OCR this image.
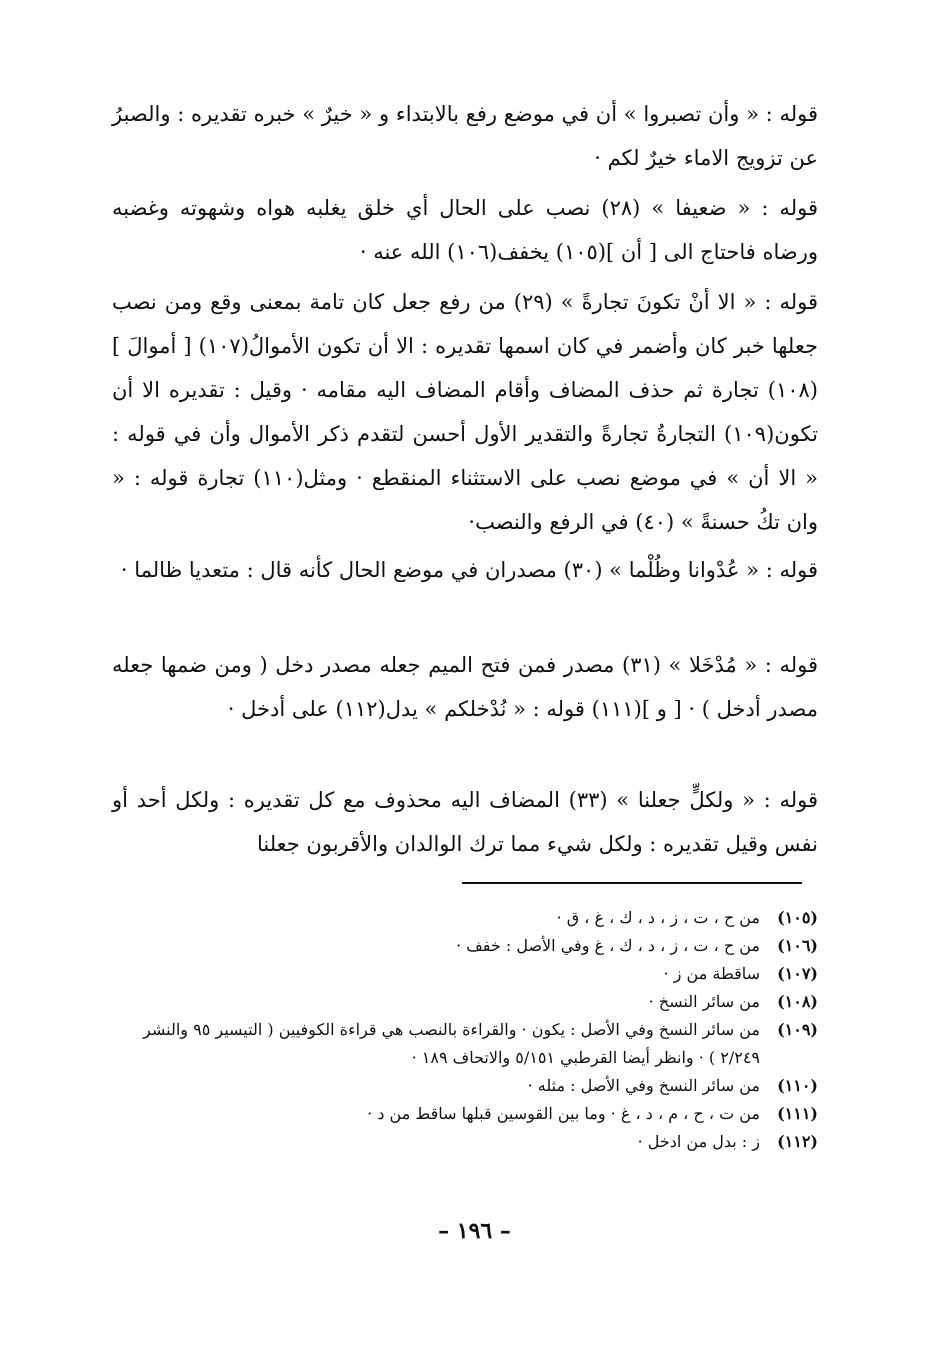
قوله : « وأن تصبروا » أن في موضع رفع بالابتداء و « خيرٌ » خبره تقديره : والصبرُ عن تزويج الاماء خيرٌ لكم ·
قوله : « ضعيفا » (٢٨) نصب على الحال أي خلق يغلبه هواه وشهوته وغضبه ورضاه فاحتاج الى [ أن ](١٠٥) يخفف(١٠٦) الله عنه ·
قوله : « الا أنْ تكونَ تجارةً » (٢٩) من رفع جعل كان تامة بمعنى وقع ومن نصب جعلها خبر كان وأضمر في كان اسمها تقديره : الا أن تكون الأموالُ(١٠٧) [ أموالَ ](١٠٨) تجارة ثم حذف المضاف وأقام المضاف اليه مقامه · وقيل : تقديره الا أن تكون(١٠٩) التجارةُ تجارةً والتقدير الأول أحسن لتقدم ذكر الأموال وأن في قوله : « الا أن » في موضع نصب على الاستثناء المنقطع · ومثل(١١٠) تجارة قوله : « وان تكُ حسنةً » (٤٠) في الرفع والنصب·
قوله : « عُدْوانا وظُلْما » (٣٠) مصدران في موضع الحال كأنه قال : متعديا ظالما ·
قوله : « مُدْخَلا » (٣١) مصدر فمن فتح الميم جعله مصدر دخل ( ومن ضمها جعله مصدر أدخل ) · [ و ](١١١) قوله : « نُدْخلكم » يدل(١١٢) على أدخل ·
قوله : « ولكلٍّ جعلنا » (٣٣) المضاف اليه محذوف مع كل تقديره : ولكل أحد أو نفس وقيل تقديره : ولكل شيء مما ترك الوالدان والأقربون جعلنا
(١٠٥)
من ح ، ت ، ز ، د ، ك ، غ ، ق ·
(١٠٦)
من ح ، ت ، ز ، د ، ك ، غ وفي الأصل : خفف ·
(١٠٧)
ساقطة من ز ·
(١٠٨)
من سائر النسخ ·
(١٠٩)
من سائر النسخ وفي الأصل : يكون · والقراءة بالنصب هي قراءة الكوفيين ( التيسير ٩٥ والنشر ٢/٢٤٩ ) · وانظر أيضا القرطبي ٥/١٥١ والاتحاف ١٨٩ ·
(١١٠)
من سائر النسخ وفي الأصل : مثله ·
(١١١)
من ت ، ح ، م ، د ، غ · وما بين القوسين قبلها ساقط من د ·
(١١٢)
ز : بدل من ادخل ·
– ١٩٦ –
